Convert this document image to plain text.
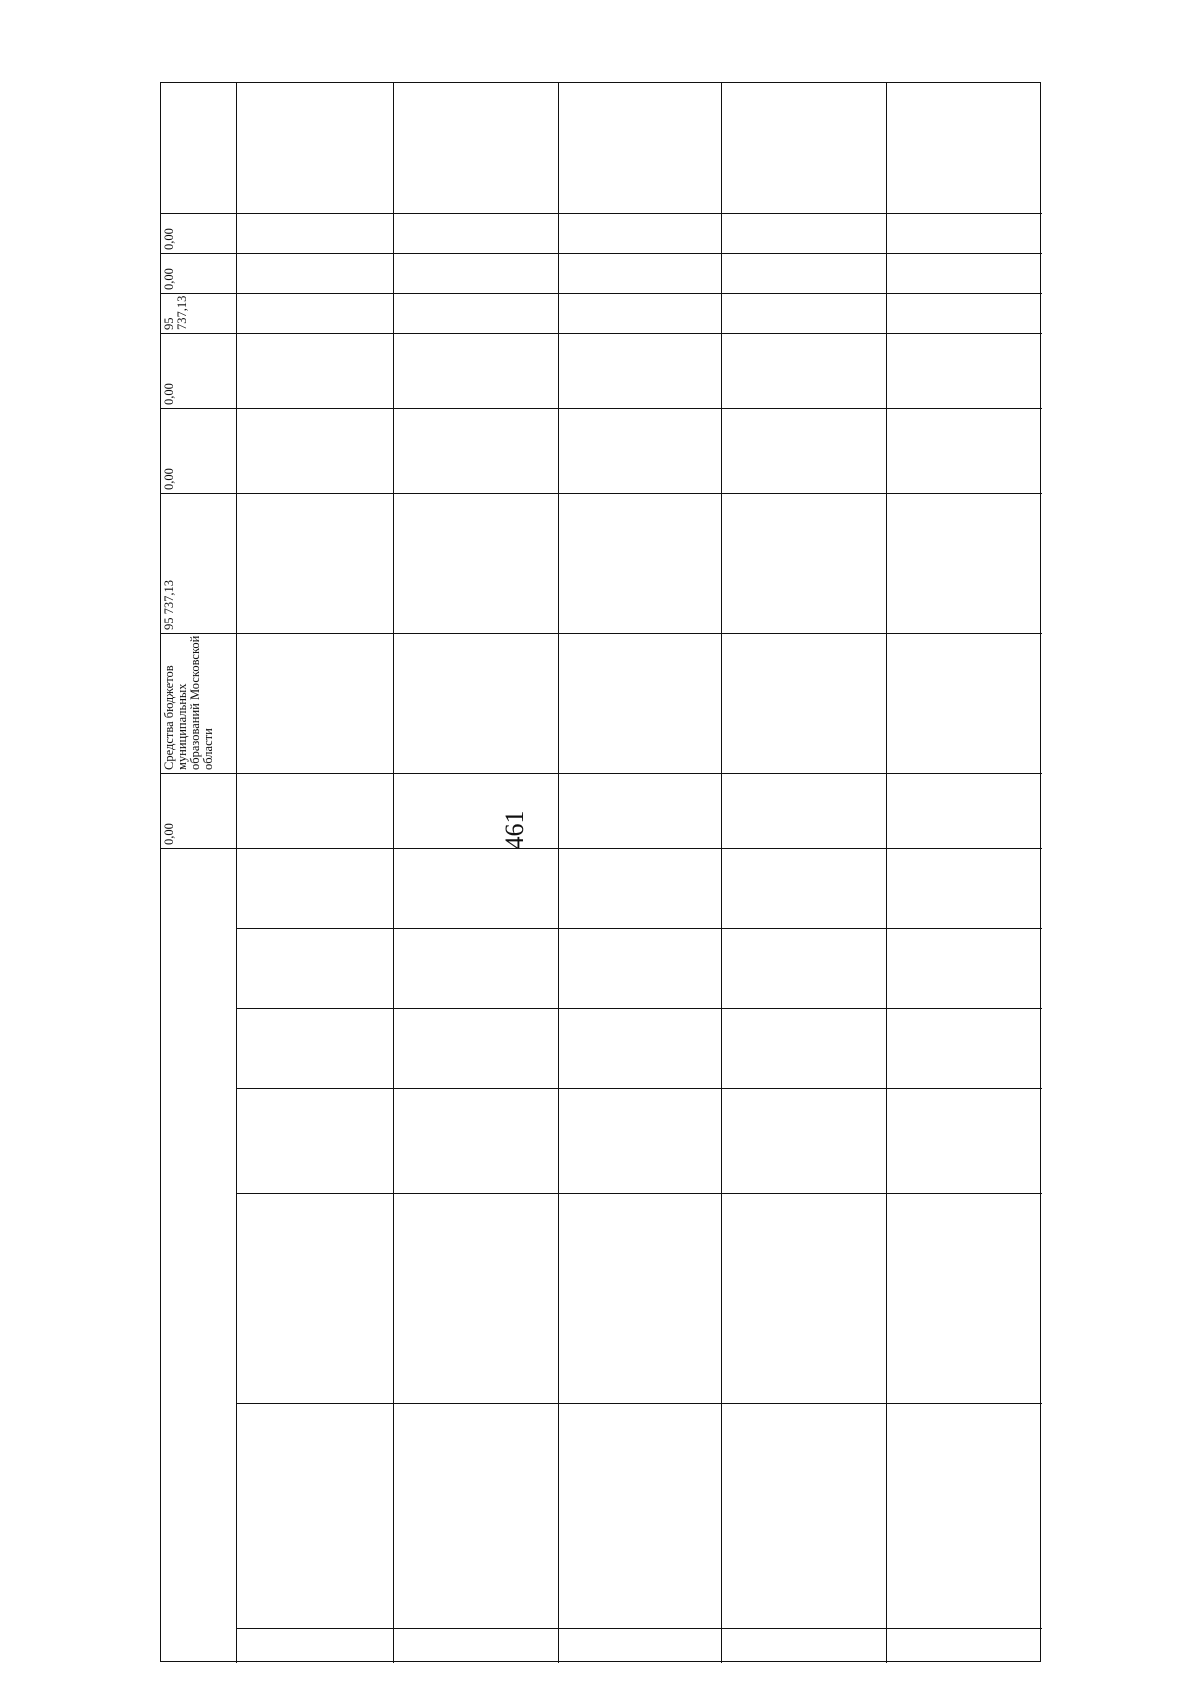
461
0,00
Средства бюджетов муниципальных образований Московской области
95 737,13
0,00
0,00
95 737,13
0,00
0,00
